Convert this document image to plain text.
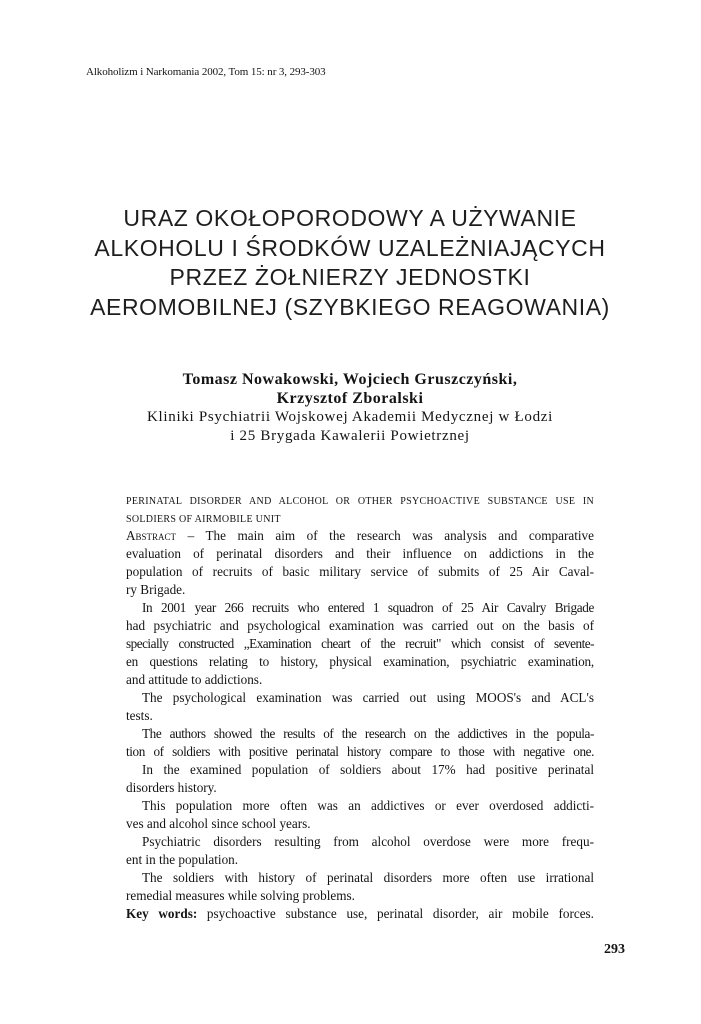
Alkoholizm i Narkomania 2002, Tom 15: nr 3, 293-303
URAZ OKOŁOPORODOWY A UŻYWANIE
ALKOHOLU I ŚRODKÓW UZALEŻNIAJĄCYCH
PRZEZ ŻOŁNIERZY JEDNOSTKI
AEROMOBILNEJ (SZYBKIEGO REAGOWANIA)
Tomasz Nowakowski, Wojciech Gruszczyński,
Krzysztof Zboralski
Kliniki Psychiatrii Wojskowej Akademii Medycznej w Łodzi
i 25 Brygada Kawalerii Powietrznej
PERINATAL DISORDER AND ALCOHOL OR OTHER PSYCHOACTIVE SUBSTANCE USE IN
SOLDIERS OF AIRMOBILE UNIT
Abstract – The main aim of the research was analysis and comparative
evaluation of perinatal disorders and their influence on addictions in the
population of recruits of basic military service of submits of 25 Air Caval-
ry Brigade.
In 2001 year 266 recruits who entered 1 squadron of 25 Air Cavalry Brigade
had psychiatric and psychological examination was carried out on the basis of
specially constructed „Examination cheart of the recruit" which consist of sevente-
en questions relating to history, physical examination, psychiatric examination,
and attitude to addictions.
The psychological examination was carried out using MOOS's and ACL's
tests.
The authors showed the results of the research on the addictives in the popula-
tion of soldiers with positive perinatal history compare to those with negative one.
In the examined population of soldiers about 17% had positive perinatal
disorders history.
This population more often was an addictives or ever overdosed addicti-
ves and alcohol since school years.
Psychiatric disorders resulting from alcohol overdose were more frequ-
ent in the population.
The soldiers with history of perinatal disorders more often use irrational
remedial measures while solving problems.
Key words: psychoactive substance use, perinatal disorder, air mobile forces.
293
